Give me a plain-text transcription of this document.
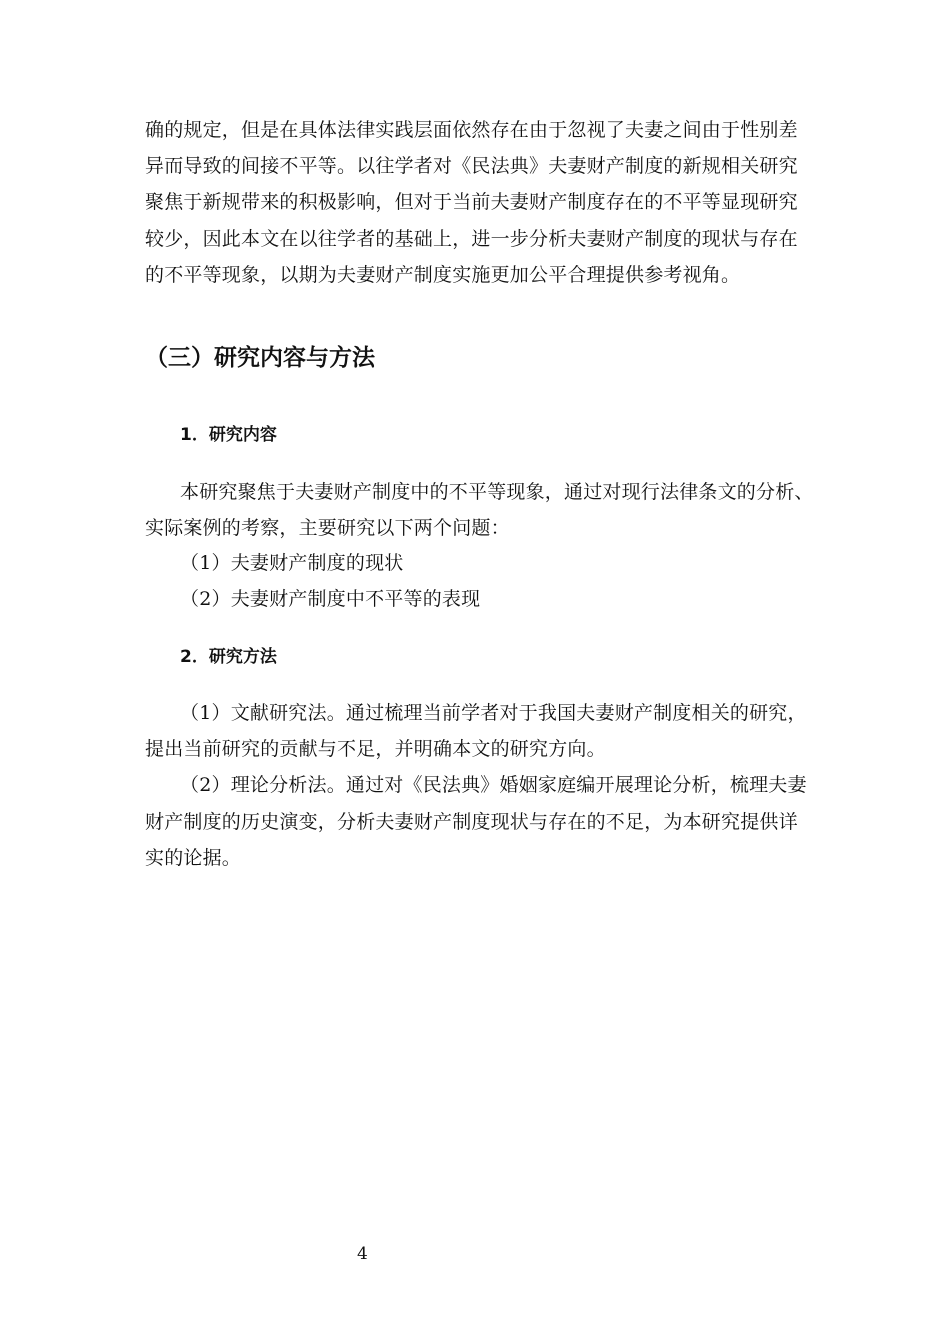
确的规定，但是在具体法律实践层面依然存在由于忽视了夫妻之间由于性别差
异而导致的间接不平等。以往学者对《民法典》夫妻财产制度的新规相关研究
聚焦于新规带来的积极影响，但对于当前夫妻财产制度存在的不平等显现研究
较少，因此本文在以往学者的基础上，进一步分析夫妻财产制度的现状与存在
的不平等现象，以期为夫妻财产制度实施更加公平合理提供参考视角。
（三）研究内容与方法
1．研究内容
本研究聚焦于夫妻财产制度中的不平等现象，通过对现行法律条文的分析、
实际案例的考察，主要研究以下两个问题：
（1）夫妻财产制度的现状
（2）夫妻财产制度中不平等的表现
2．研究方法
（1）文献研究法。通过梳理当前学者对于我国夫妻财产制度相关的研究，
提出当前研究的贡献与不足，并明确本文的研究方向。
（2）理论分析法。通过对《民法典》婚姻家庭编开展理论分析，梳理夫妻
财产制度的历史演变，分析夫妻财产制度现状与存在的不足，为本研究提供详
实的论据。
4
